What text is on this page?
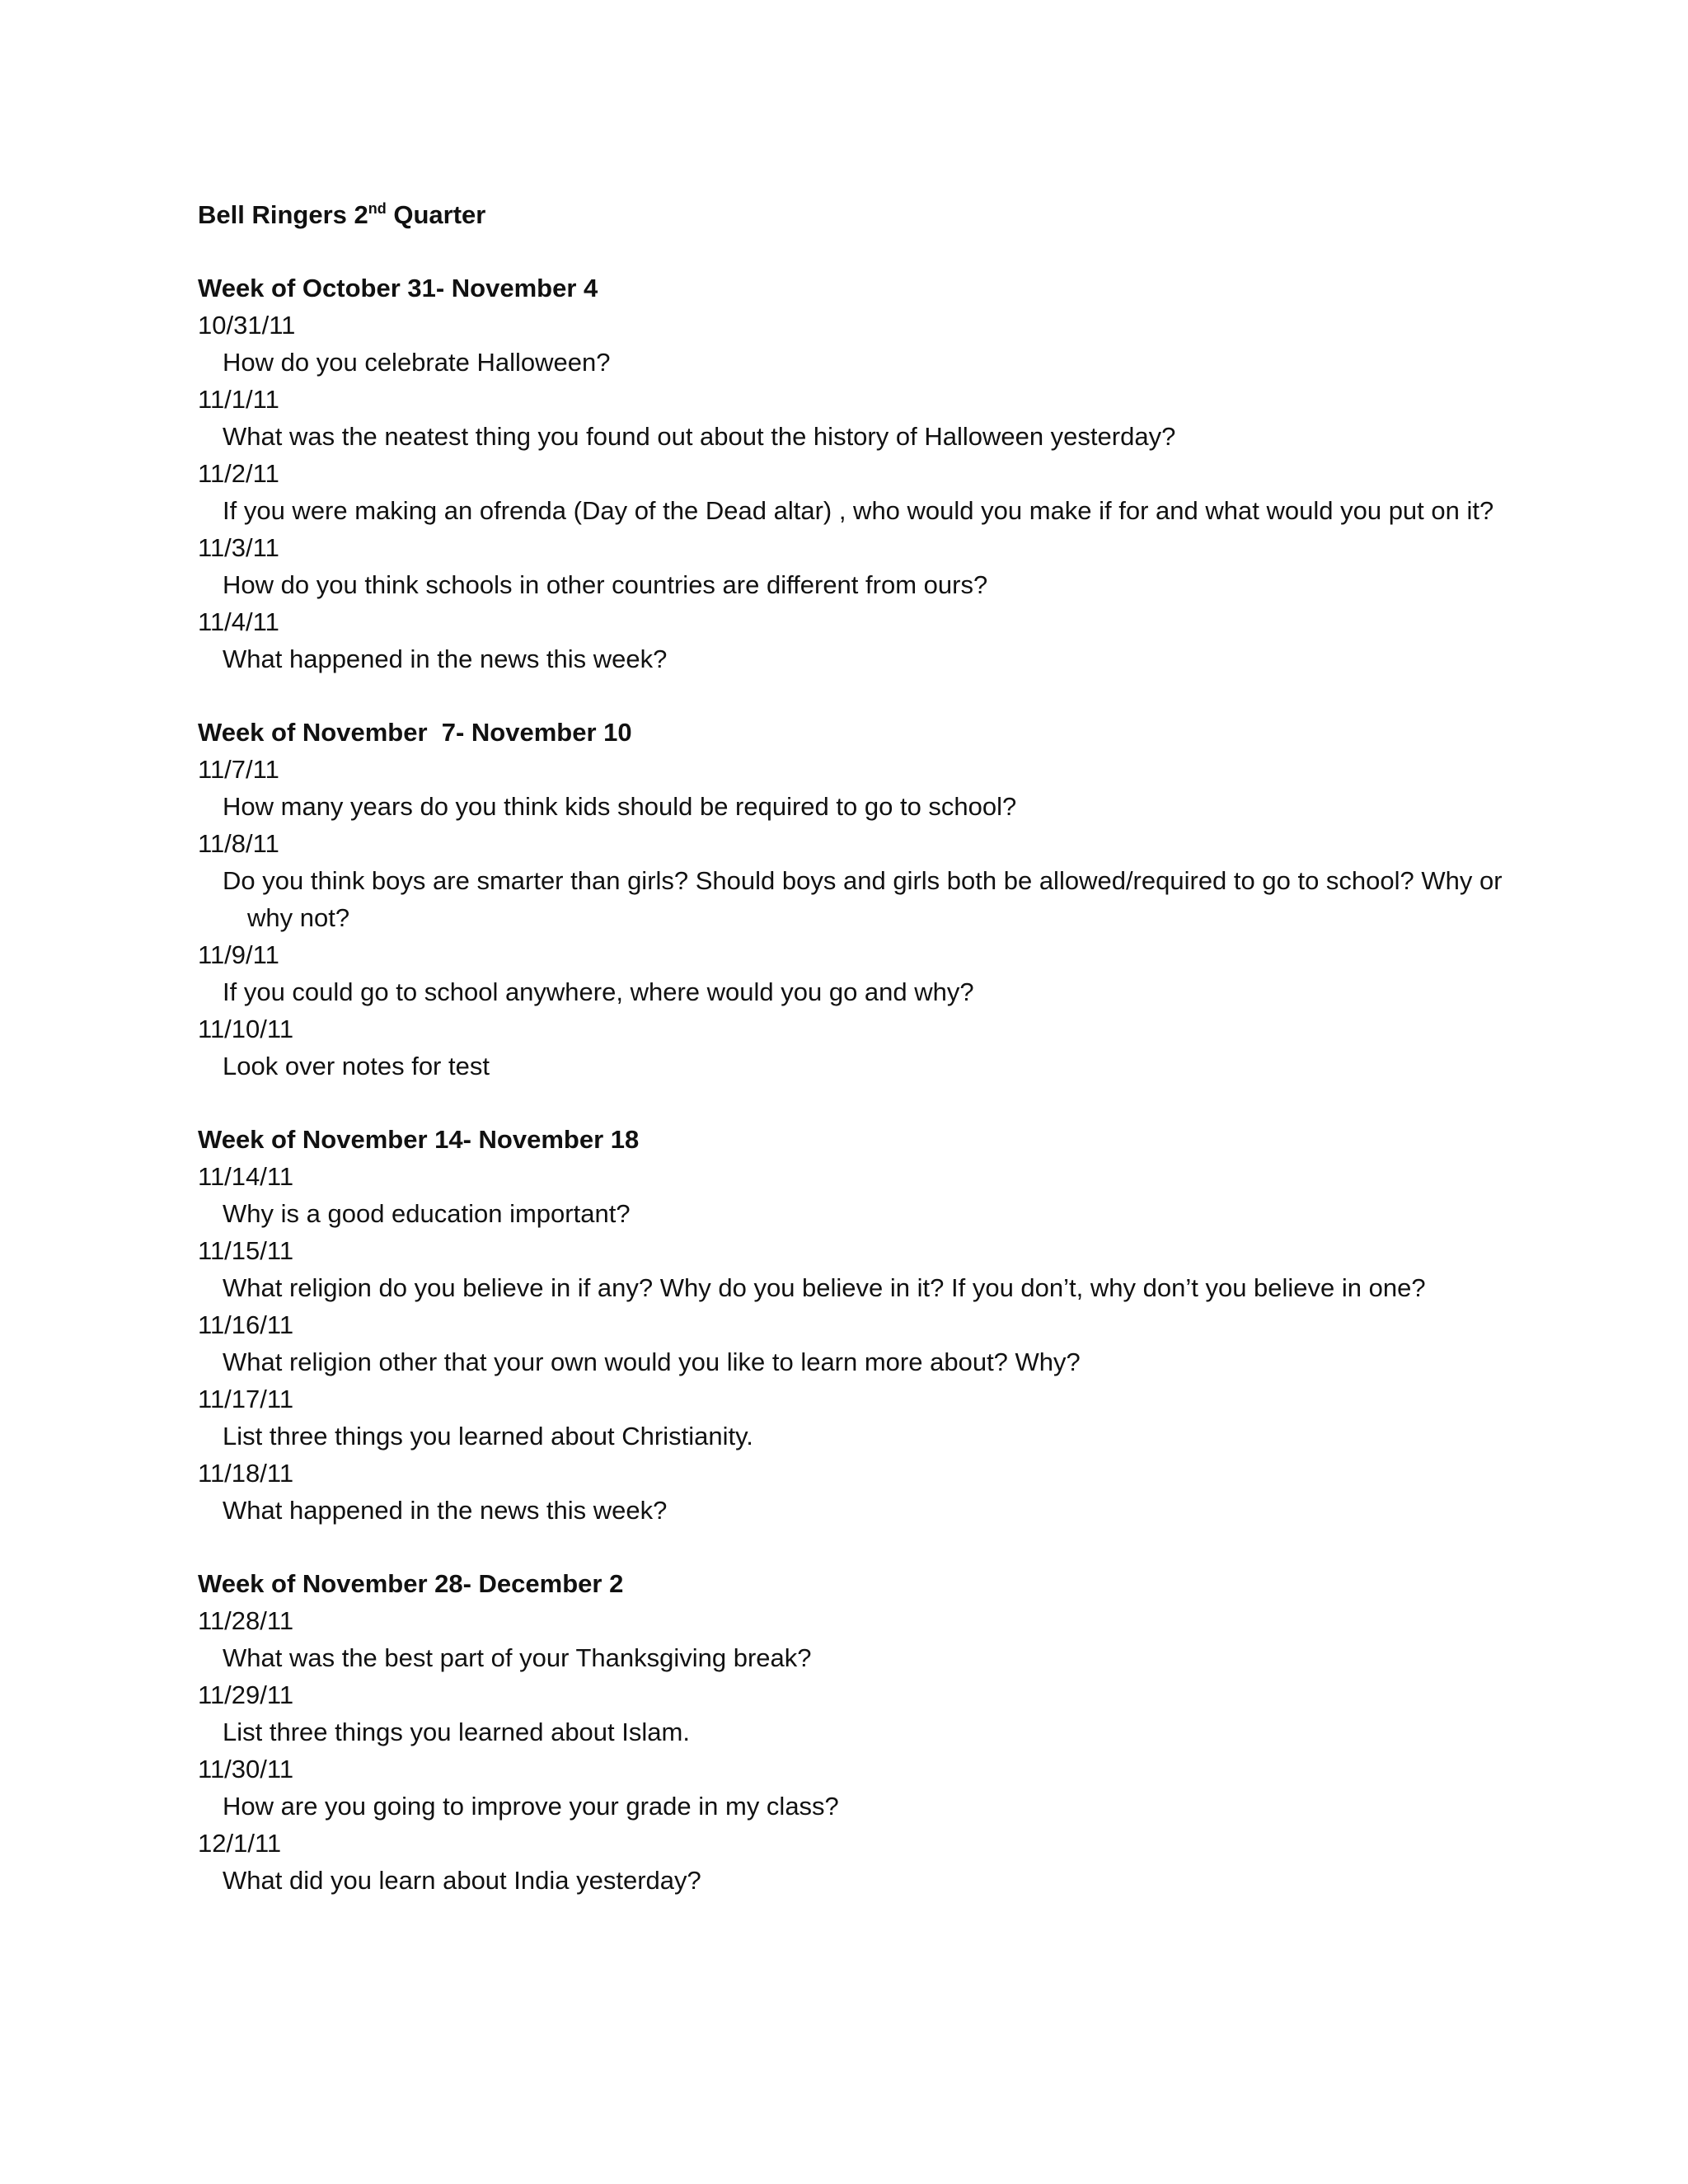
Bell Ringers 2nd Quarter
Week of October 31- November 4
10/31/11
How do you celebrate Halloween?
11/1/11
What was the neatest thing you found out about the history of Halloween yesterday?
11/2/11
If you were making an ofrenda (Day of the Dead altar) , who would you make if for and what would you put on it?
11/3/11
How do you think schools in other countries are different from ours?
11/4/11
What happened in the news this week?
Week of November  7- November 10
11/7/11
How many years do you think kids should be required to go to school?
11/8/11
Do you think boys are smarter than girls? Should boys and girls both be allowed/required to go to school? Why or why not?
11/9/11
If you could go to school anywhere, where would you go and why?
11/10/11
Look over notes for test
Week of November 14- November 18
11/14/11
Why is a good education important?
11/15/11
What religion do you believe in if any? Why do you believe in it? If you don’t, why don’t you believe in one?
11/16/11
What religion other that your own would you like to learn more about? Why?
11/17/11
List three things you learned about Christianity.
11/18/11
What happened in the news this week?
Week of November 28- December 2
11/28/11
What was the best part of your Thanksgiving break?
11/29/11
List three things you learned about Islam.
11/30/11
How are you going to improve your grade in my class?
12/1/11
What did you learn about India yesterday?
